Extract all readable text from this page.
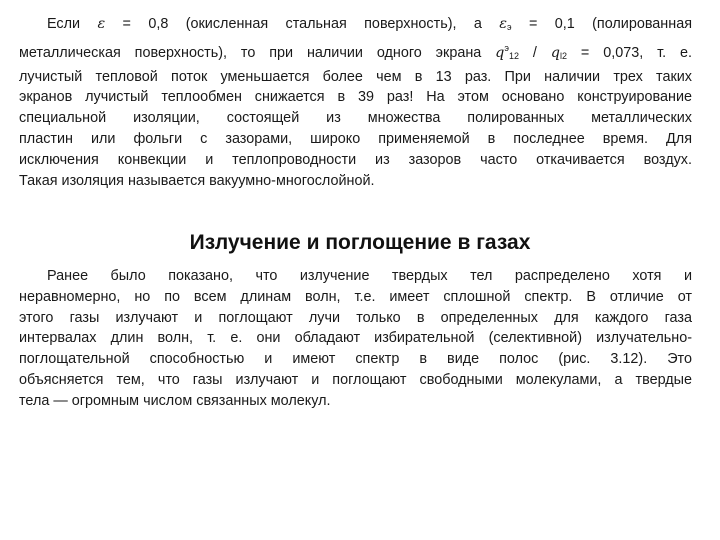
Если ε = 0,8 (окисленная стальная поверхность), а $\varepsilon_э = 0,1$ (полированная
металлическая поверхность), то при наличии одного экрана $q^э_{12} / q_{l2} = 0,073$, т. е.
лучистый тепловой поток уменьшается более чем в 13 раз. При наличии трех таких
экранов лучистый теплообмен снижается в 39 раз! На этом основано конструирование
специальной изоляции, состоящей из множества полированных металлических
пластин или фольги с зазорами, широко применяемой в последнее время. Для
исключения конвекции и теплопроводности из зазоров часто откачивается воздух.
Такая изоляция называется вакуумно-многослойной.
Излучение и поглощение в газах
Ранее было показано, что излучение твердых тел распределено хотя и
неравномерно, но по всем длинам волн, т.е. имеет сплошной спектр. В отличие от
этого газы излучают и поглощают лучи только в определенных для каждого газа
интервалах длин волн, т. е. они обладают избирательной (селективной) излучательно-
поглощательной способностью и имеют спектр в виде полос (рис. 3.12). Это
объясняется тем, что газы излучают и поглощают свободными молекулами, а твердые
тела — огромным числом связанных молекул.
